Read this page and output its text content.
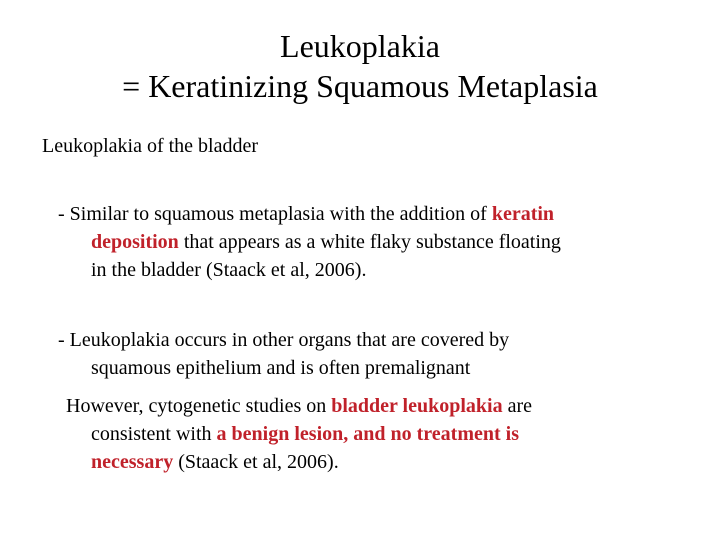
Leukoplakia
= Keratinizing Squamous Metaplasia
Leukoplakia of the bladder
- Similar to squamous metaplasia with the addition of keratin
deposition that appears as a white flaky substance floating
in the bladder (Staack et al, 2006).
- Leukoplakia occurs in other organs that are covered by
squamous epithelium and is often premalignant
However, cytogenetic studies on bladder leukoplakia are
consistent with a benign lesion, and no treatment is
necessary (Staack et al, 2006).
